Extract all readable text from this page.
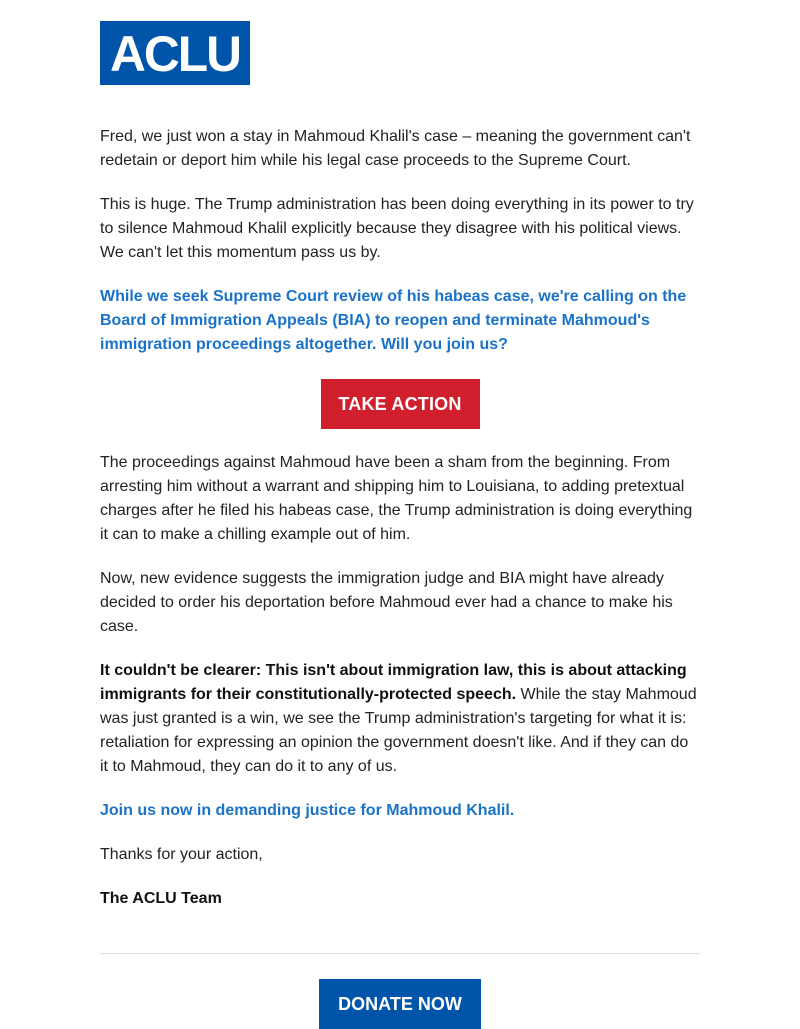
ACLU

Fred, we just won a stay in Mahmoud Khalil's case – meaning the government can't redetain or deport him while his legal case proceeds to the Supreme Court.

This is huge. The Trump administration has been doing everything in its power to try to silence Mahmoud Khalil explicitly because they disagree with his political views. We can't let this momentum pass us by.

While we seek Supreme Court review of his habeas case, we're calling on the Board of Immigration Appeals (BIA) to reopen and terminate Mahmoud's immigration proceedings altogether. Will you join us?

TAKE ACTION

The proceedings against Mahmoud have been a sham from the beginning. From arresting him without a warrant and shipping him to Louisiana, to adding pretextual charges after he filed his habeas case, the Trump administration is doing everything it can to make a chilling example out of him.

Now, new evidence suggests the immigration judge and BIA might have already decided to order his deportation before Mahmoud ever had a chance to make his case.

It couldn't be clearer: This isn't about immigration law, this is about attacking immigrants for their constitutionally-protected speech. While the stay Mahmoud was just granted is a win, we see the Trump administration's targeting for what it is: retaliation for expressing an opinion the government doesn't like. And if they can do it to Mahmoud, they can do it to any of us.

Join us now in demanding justice for Mahmoud Khalil.

Thanks for your action,

The ACLU Team

DONATE NOW
